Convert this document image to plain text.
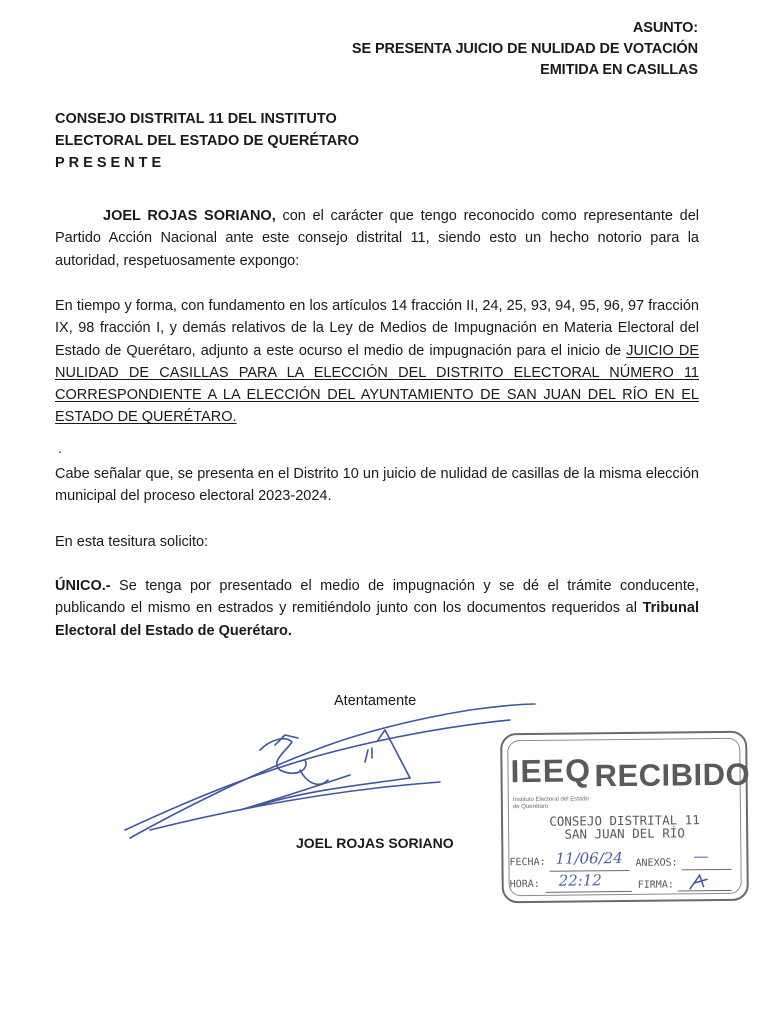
ASUNTO:
SE PRESENTA JUICIO DE NULIDAD DE VOTACIÓN
EMITIDA EN CASILLAS
CONSEJO DISTRITAL 11 DEL INSTITUTO
ELECTORAL DEL ESTADO DE QUERÉTARO
PRESENTE
JOEL ROJAS SORIANO, con el carácter que tengo reconocido como representante del Partido Acción Nacional ante este consejo distrital 11, siendo esto un hecho notorio para la autoridad, respetuosamente expongo:
En tiempo y forma, con fundamento en los artículos 14 fracción II, 24, 25, 93, 94, 95, 96, 97 fracción IX, 98 fracción I, y demás relativos de la Ley de Medios de Impugnación en Materia Electoral del Estado de Querétaro, adjunto a este ocurso el medio de impugnación para el inicio de JUICIO DE NULIDAD DE CASILLAS PARA LA ELECCIÓN DEL DISTRITO ELECTORAL NÚMERO 11 CORRESPONDIENTE A LA ELECCIÓN DEL AYUNTAMIENTO DE SAN JUAN DEL RÍO EN EL ESTADO DE QUERÉTARO.
.
Cabe señalar que, se presenta en el Distrito 10 un juicio de nulidad de casillas de la misma elección municipal del proceso electoral 2023-2024.
En esta tesitura solicito:
ÚNICO.- Se tenga por presentado el medio de impugnación y se dé el trámite conducente, publicando el mismo en estrados y remitiéndolo junto con los documentos requeridos al Tribunal Electoral del Estado de Querétaro.
Atentamente
JOEL ROJAS SORIANO
IEEQ RECIBIDO
Instituto Electoral del Estado de Querétaro
CONSEJO DISTRITAL 11
SAN JUAN DEL RÍO
FECHA: 11/06/24 ANEXOS: —
HORA: 22:12	FIRMA:
